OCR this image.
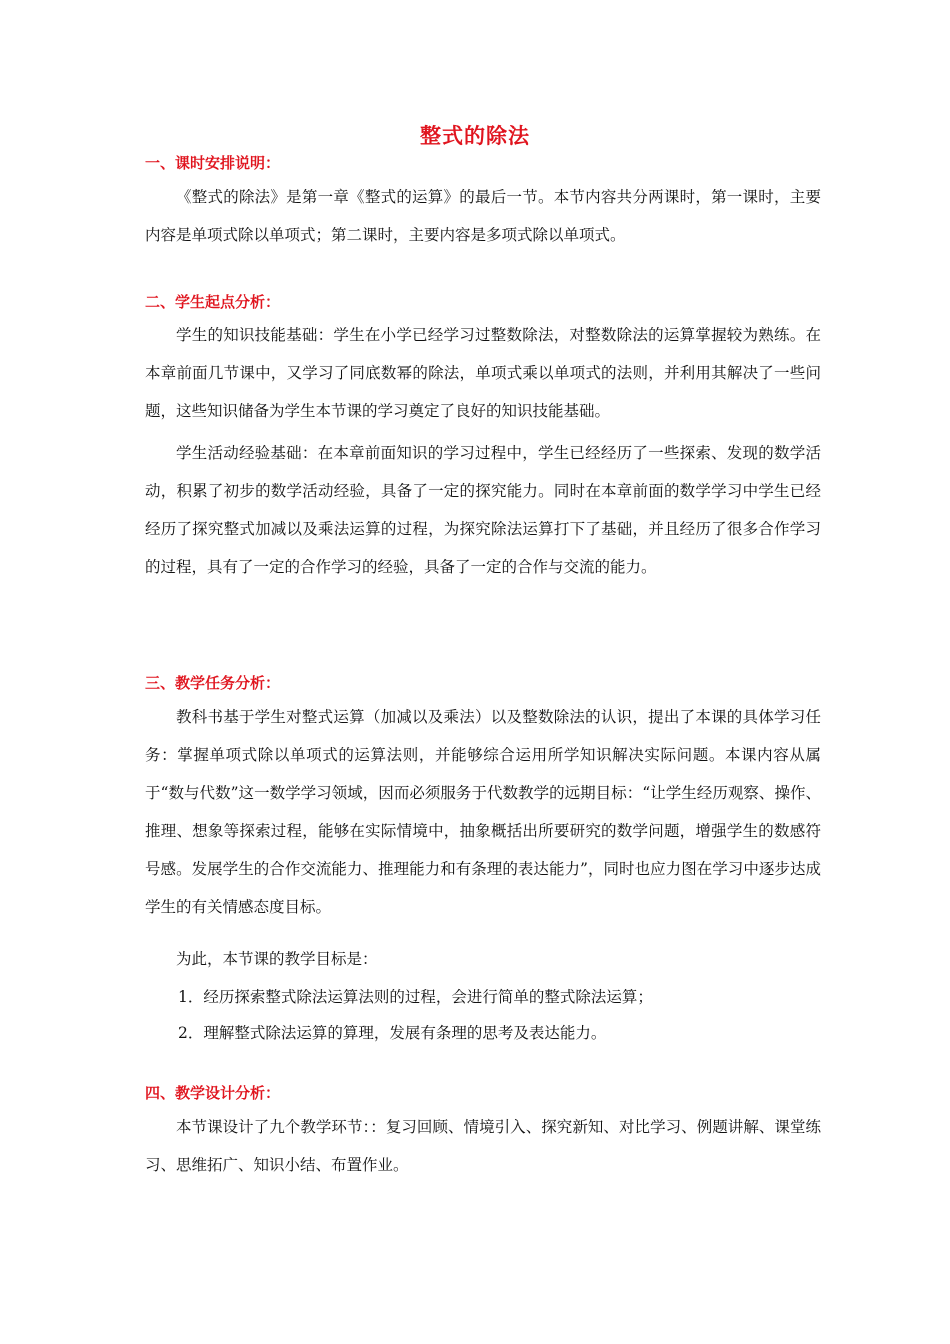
整式的除法
一、课时安排说明：

《整式的除法》是第一章《整式的运算》的最后一节。本节内容共分两课时，第一课时，主要内容是单项式除以单项式；第二课时，主要内容是多项式除以单项式。

二、学生起点分析：

学生的知识技能基础：学生在小学已经学习过整数除法，对整数除法的运算掌握较为熟练。在本章前面几节课中，又学习了同底数幂的除法，单项式乘以单项式的法则，并利用其解决了一些问题，这些知识储备为学生本节课的学习奠定了良好的知识技能基础。

学生活动经验基础：在本章前面知识的学习过程中，学生已经经历了一些探索、发现的数学活动，积累了初步的数学活动经验，具备了一定的探究能力。同时在本章前面的数学学习中学生已经经历了探究整式加减以及乘法运算的过程，为探究除法运算打下了基础，并且经历了很多合作学习的过程，具有了一定的合作学习的经验，具备了一定的合作与交流的能力。

三、教学任务分析：

教科书基于学生对整式运算（加减以及乘法）以及整数除法的认识，提出了本课的具体学习任务：掌握单项式除以单项式的运算法则，并能够综合运用所学知识解决实际问题。本课内容从属于“数与代数”这一数学学习领域，因而必须服务于代数教学的远期目标：“让学生经历观察、操作、推理、想象等探索过程，能够在实际情境中，抽象概括出所要研究的数学问题，增强学生的数感符号感。发展学生的合作交流能力、推理能力和有条理的表达能力”，同时也应力图在学习中逐步达成学生的有关情感态度目标。

为此，本节课的教学目标是：

1．经历探索整式除法运算法则的过程，会进行简单的整式除法运算；

2．理解整式除法运算的算理，发展有条理的思考及表达能力。

四、教学设计分析：

本节课设计了九个教学环节：：复习回顾、情境引入、探究新知、对比学习、例题讲解、课堂练习、思维拓广、知识小结、布置作业。
